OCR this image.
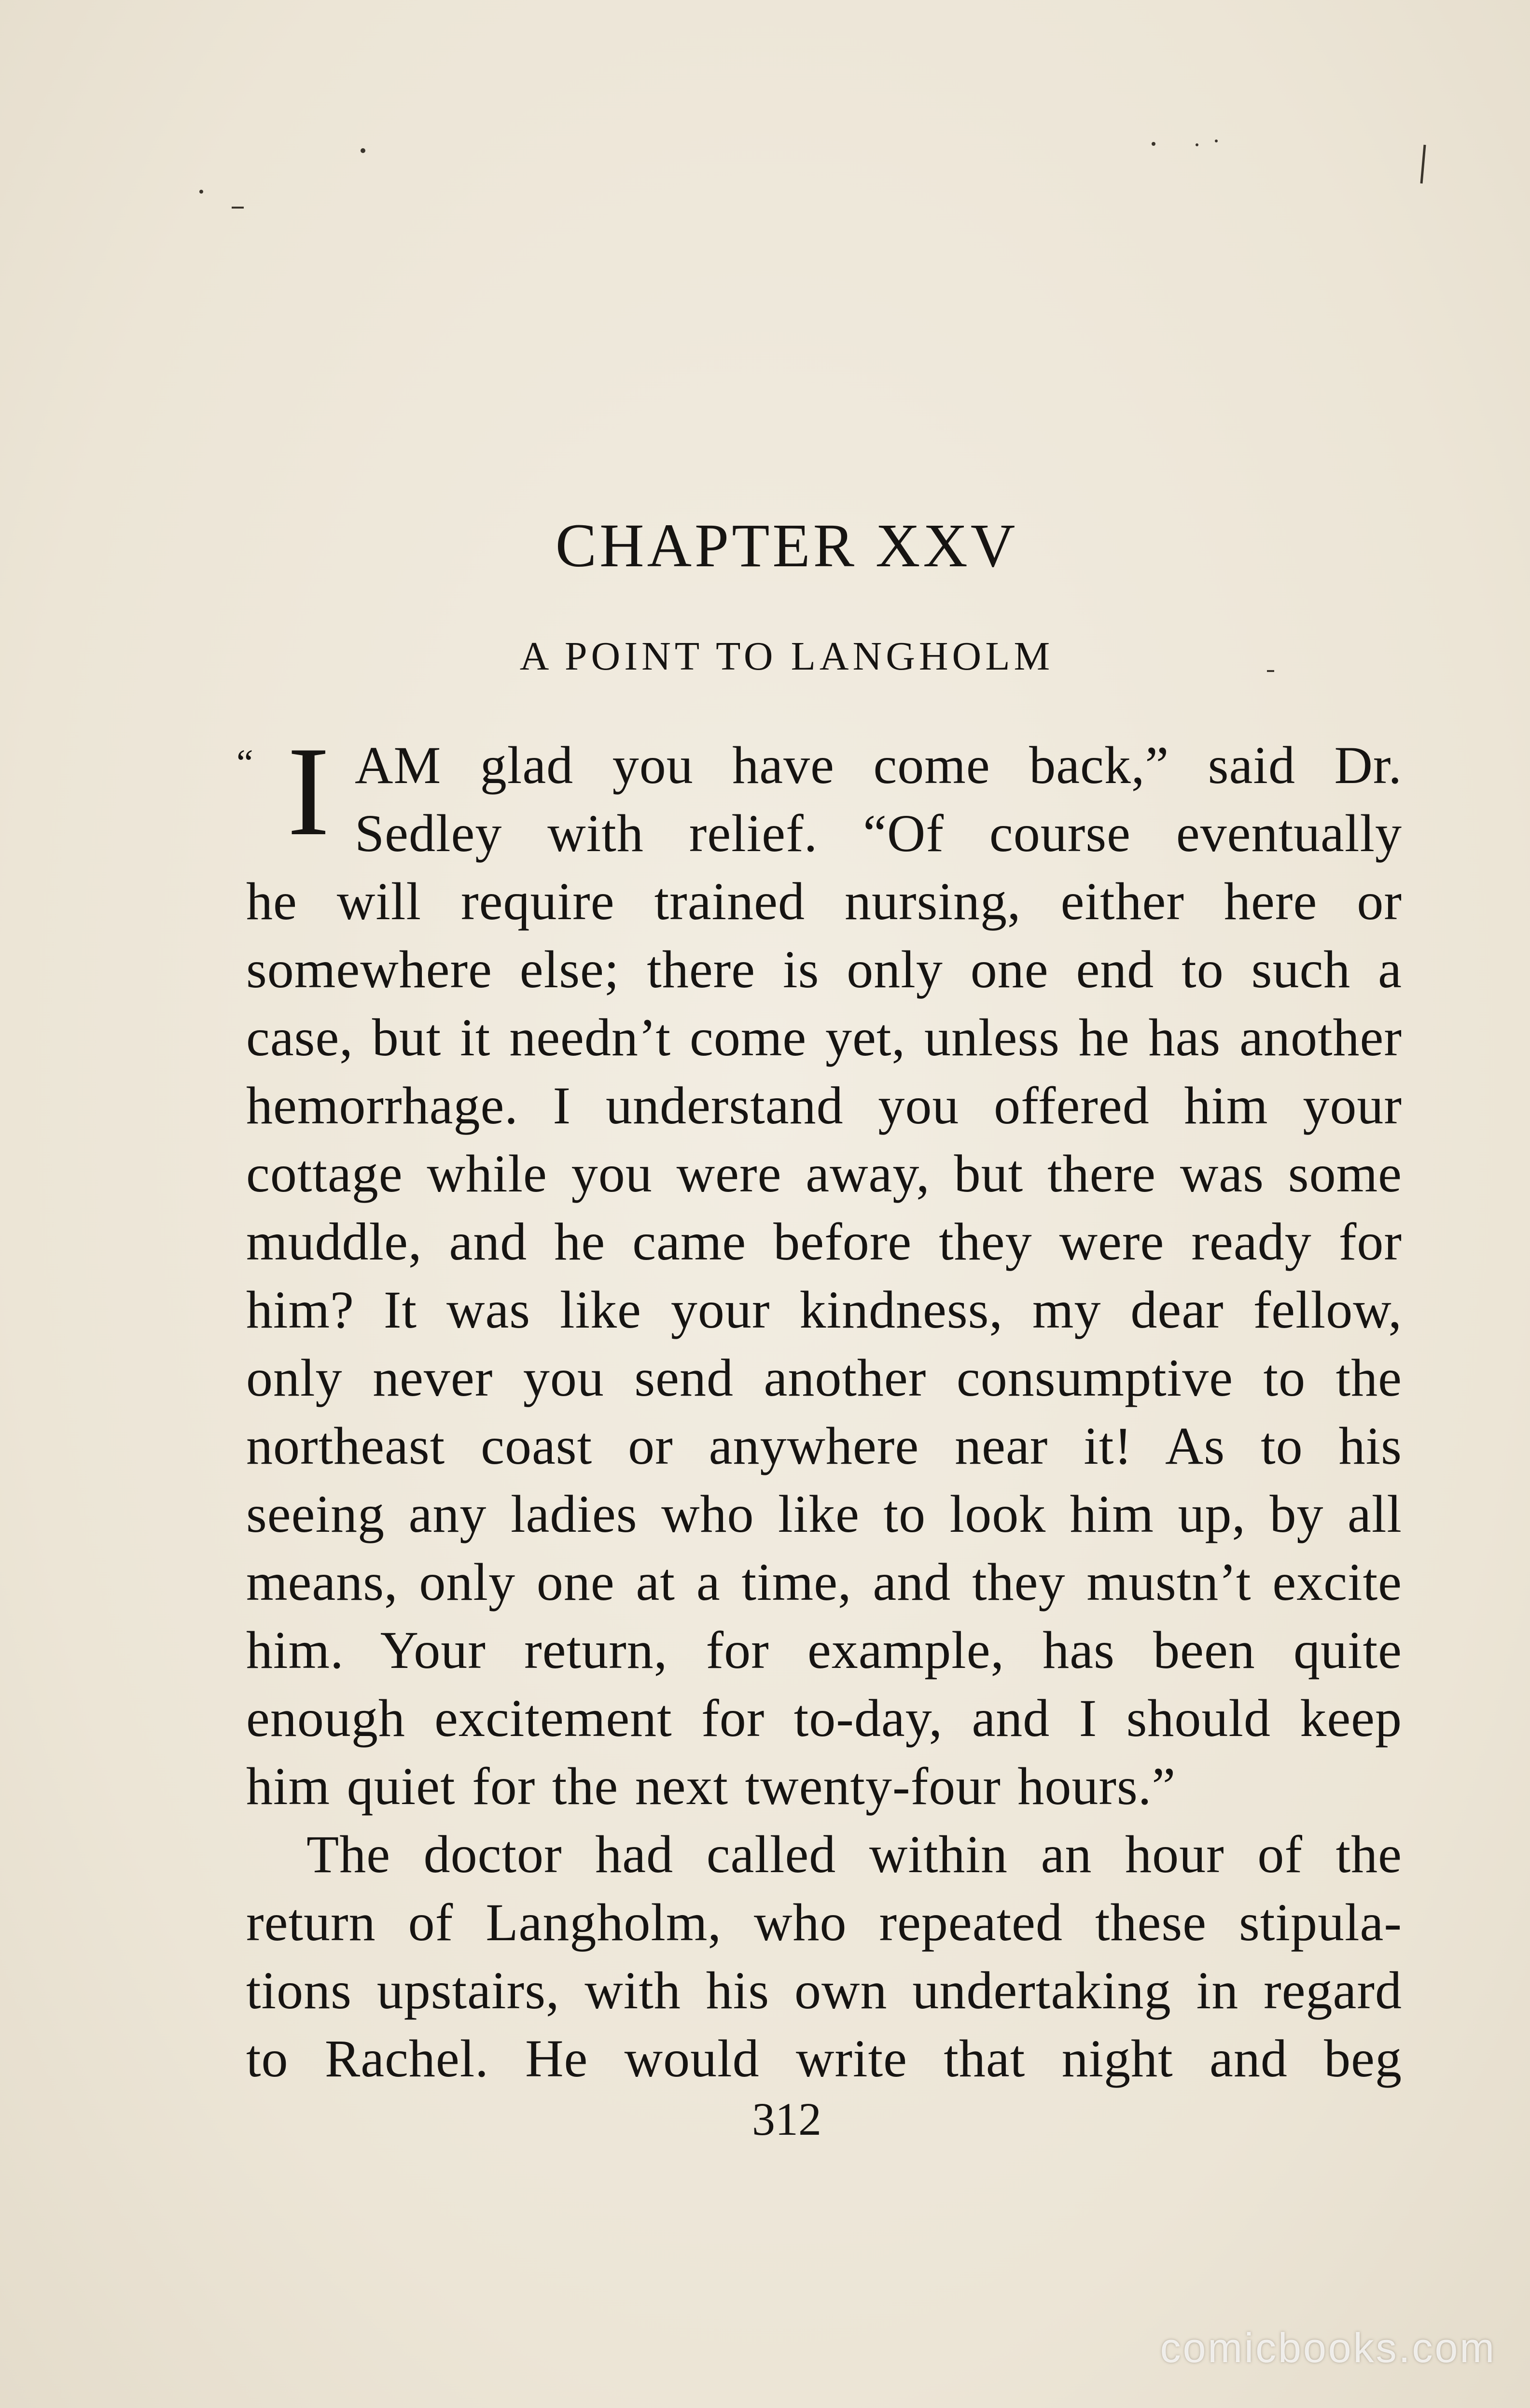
CHAPTER XXV
A POINT TO LANGHOLM
“ I AM glad you have come back,” said Dr.
Sedley with relief. “Of course eventually
he will require trained nursing, either here or
somewhere else; there is only one end to such a
case, but it needn’t come yet, unless he has another
hemorrhage. I understand you offered him your
cottage while you were away, but there was some
muddle, and he came before they were ready for
him? It was like your kindness, my dear fellow,
only never you send another consumptive to the
northeast coast or anywhere near it! As to his
seeing any ladies who like to look him up, by all
means, only one at a time, and they mustn’t excite
him. Your return, for example, has been quite
enough excitement for to-day, and I should keep
him quiet for the next twenty-four hours.”
The doctor had called within an hour of the
return of Langholm, who repeated these stipula-
tions upstairs, with his own undertaking in regard
to Rachel. He would write that night and beg
312
comicbooks.com
